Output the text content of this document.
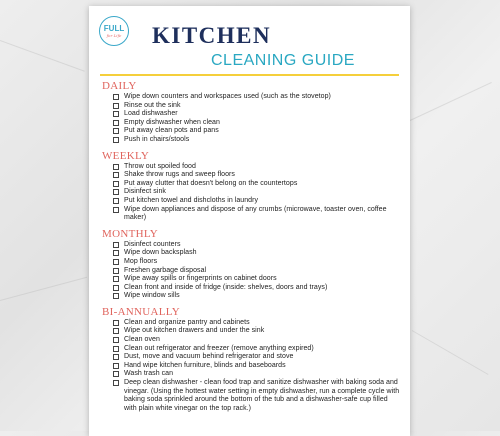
FULL
for Life KITCHEN
CLEANING GUIDE
DAILY
Wipe down counters and workspaces used (such as the stovetop)
Rinse out the sink
Load dishwasher
Empty dishwasher when clean
Put away clean pots and pans
Push in chairs/stools
WEEKLY
Throw out spoiled food
Shake throw rugs and sweep floors
Put away clutter that doesn't belong on the countertops
Disinfect sink
Put kitchen towel and dishcloths in laundry
Wipe down appliances and dispose of any crumbs (microwave, toaster oven, coffee maker)
MONTHLY
Disinfect counters
Wipe down backsplash
Mop floors
Freshen garbage disposal
Wipe away spills or fingerprints on cabinet doors
Clean front and inside of fridge (inside: shelves, doors and trays)
Wipe window sills
BI-ANNUALLY
Clean and organize pantry and cabinets
Wipe out kitchen drawers and under the sink
Clean oven
Clean out refrigerator and freezer (remove anything expired)
Dust, move and vacuum behind refrigerator and stove
Hand wipe kitchen furniture, blinds and baseboards
Wash trash can
Deep clean dishwasher - clean food trap and sanitize dishwasher with baking soda and vinegar. (Using the hottest water setting in empty dishwasher, run a complete cycle with baking soda sprinkled around the bottom of the tub and a dishwasher-safe cup filled with plain white vinegar on the top rack.)
